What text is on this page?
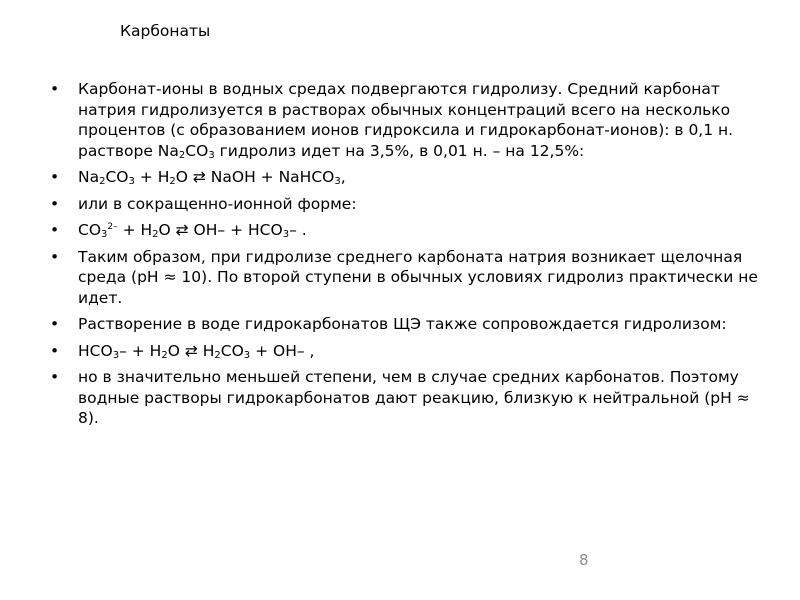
Карбонаты
• Карбонат-ионы в водных средах подвергаются гидролизу. Средний карбонат натрия гидролизуется в растворах обычных концентраций всего на несколько процентов (с образованием ионов гидроксила и гидрокарбонат-ионов): в 0,1 н. растворе $Na_2CO_3$ гидролиз идет на 3,5%, в 0,01 н. – на 12,5%:
• $Na_2CO_3 + H_2O$ ⇄ NaOH + NaHCO$_3$,
• или в сокращенно-ионной форме:
• $CO_3^{2-} + H_2O$ ⇄ $OH- + HCO_3-$ .
• Таким образом, при гидролизе среднего карбоната натрия возникает щелочная среда (рН ≈ 10). По второй ступени в обычных условиях гидролиз практически не идет.
• Растворение в воде гидрокарбонатов ЩЭ также сопровождается гидролизом:
• $HCO_3- + H_2O$ ⇄ $H_2CO_3 + OH-$ ,
• но в значительно меньшей степени, чем в случае средних карбонатов. Поэтому водные растворы гидрокарбонатов дают реакцию, близкую к нейтральной (рН ≈ 8).
8
